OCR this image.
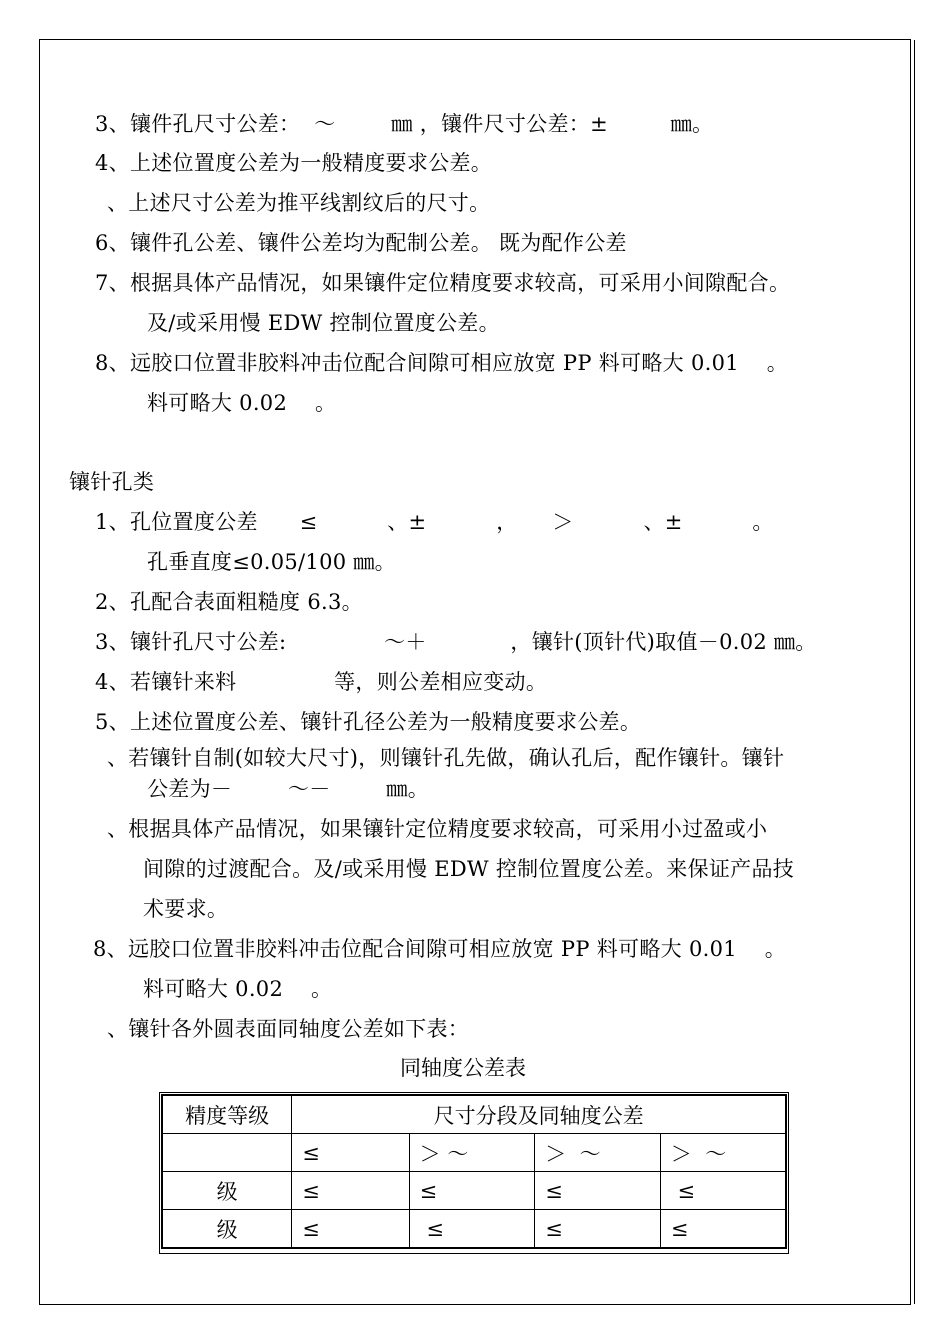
3、镶件孔尺寸公差：  ～        ㎜ ，镶件尺寸公差：±         ㎜。
4、上述位置度公差为一般精度要求公差。
、上述尺寸公差为推平线割纹后的尺寸。
6、镶件孔公差、镶件公差均为配制公差。 既为配作公差
7、根据具体产品情况，如果镶件定位精度要求较高，可采用小间隙配合。
及/或采用慢 EDW 控制位置度公差。
8、远胶口位置非胶料冲击位配合间隙可相应放宽 PP 料可略大 0.01    。
料可略大 0.02    。
镶针孔类
1、孔位置度公差      ≤          、±          ，     ＞          、±          。
孔垂直度≤0.05/100 ㎜。
2、孔配合表面粗糙度 6.3。
3、镶针孔尺寸公差:              ～＋            ，镶针(顶针代)取值－0.02 ㎜。
4、若镶针来料              等，则公差相应变动。
5、上述位置度公差、镶针孔径公差为一般精度要求公差。
、若镶针自制(如较大尺寸)，则镶针孔先做，确认孔后，配作镶针。镶针
公差为－        ～－        ㎜。
、根据具体产品情况，如果镶针定位精度要求较高，可采用小过盈或小
间隙的过渡配合。及/或采用慢 EDW 控制位置度公差。来保证产品技
术要求。
8、远胶口位置非胶料冲击位配合间隙可相应放宽 PP 料可略大 0.01    。
料可略大 0.02    。
、镶针各外圆表面同轴度公差如下表：
同轴度公差表
精度等级	尺寸分段及同轴度公差			
	≤	＞ ～	＞  ～	＞  ～
级	≤	≤	≤	≤
级	≤	≤	≤	≤
